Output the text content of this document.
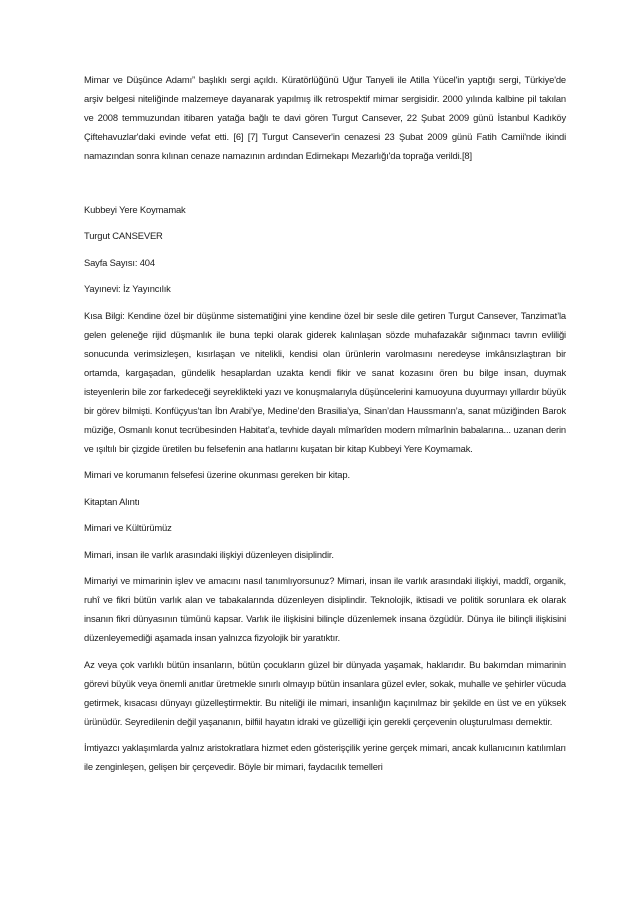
Mimar ve Düşünce Adamı” başlıklı sergi açıldı. Küratörlüğünü Uğur Tanyeli ile Atilla Yücel'in yaptığı sergi, Türkiye'de arşiv belgesi niteliğinde malzemeye dayanarak yapılmış ilk retrospektif mimar sergisidir. 2000 yılında kalbine pil takılan ve 2008 temmuzundan itibaren yatağa bağlı te davi gören Turgut Cansever, 22 Şubat 2009 günü İstanbul Kadıköy Çiftehavuzlar'daki evinde vefat etti. [6] [7] Turgut Cansever'in cenazesi 23 Şubat 2009 günü Fatih Camii'nde ikindi namazından sonra kılınan cenaze namazının ardından Edirnekapı Mezarlığı'da toprağa verildi.[8]

Kubbeyi Yere Koymamak

Turgut CANSEVER

Sayfa Sayısı: 404

Yayınevi: İz Yayıncılık

Kısa Bilgi: Kendine özel bir düşünme sistematiğini yine kendine özel bir sesle dile getiren Turgut Cansever, Tanzimat’la gelen geleneğe rijid düşmanlık ile buna tepki olarak giderek kalınlaşan sözde muhafazakâr sığınmacı tavrın evliliği sonucunda verimsizleşen, kısırlaşan ve nitelikli, kendisi olan ürünlerin varolmasını neredeyse imkânsızlaştıran bir ortamda, kargaşadan, gündelik hesaplardan uzakta kendi fikir ve sanat kozasını ören bu bilge insan, duymak isteyenlerin bile zor farkedeceği seyreklikteki yazı ve konuşmalarıyla düşüncelerini kamuoyuna duyurmayı yıllardır büyük bir görev bilmişti. Konfüçyus’tan İbn Arabi’ye, Medine’den Brasilia’ya, Sinan’dan Haussmann’a, sanat müziğinden Barok müziğe, Osmanlı konut tecrübesinden Habitat’a, tevhide dayalı mîmarîden modern mîmarînin babalarına... uzanan derin ve ışıltılı bir çizgide üretilen bu felsefenin ana hatlarını kuşatan bir kitap Kubbeyi Yere Koymamak.

Mimari ve korumanın felsefesi üzerine okunması gereken bir kitap.

Kitaptan Alıntı

Mimari ve Kültürümüz

Mimari, insan ile varlık arasındaki ilişkiyi düzenleyen disiplindir.

Mimariyi ve mimarinin işlev ve amacını nasıl tanımlıyorsunuz? Mimari, insan ile varlık arasındaki ilişkiyi, maddî, organik, ruhî ve fikri bütün varlık alan ve tabakalarında düzenleyen disiplindir. Teknolojik, iktisadi ve politik sorunlara ek olarak insanın fikri dünyasının tümünü kapsar. Varlık ile ilişkisini bilinçle düzenlemek insana özgüdür. Dünya ile bilinçli ilişkisini düzenleyemediği aşamada insan yalnızca fizyolojik bir yaratıktır.

Az veya çok varlıklı bütün insanların, bütün çocukların güzel bir dünyada yaşamak, haklarıdır. Bu bakımdan mimarinin görevi büyük veya önemli anıtlar üretmekle sınırlı olmayıp bütün insanlara güzel evler, sokak, muhalle ve şehirler vücuda getirmek, kısacası dünyayı güzelleştirmektir. Bu niteliği ile mimari, insanlığın kaçınılmaz bir şekilde en üst ve en yüksek ürünüdür. Seyredilenin değil yaşananın, bilfiil hayatın idraki ve güzelliği için gerekli çerçevenin oluşturulması demektir.

İmtiyazcı yaklaşımlarda yalnız aristokratlara hizmet eden gösterişçilik yerine gerçek mimari, ancak kullanıcının katılımları ile zenginleşen, gelişen bir çerçevedir. Böyle bir mimari, faydacılık temelleri
